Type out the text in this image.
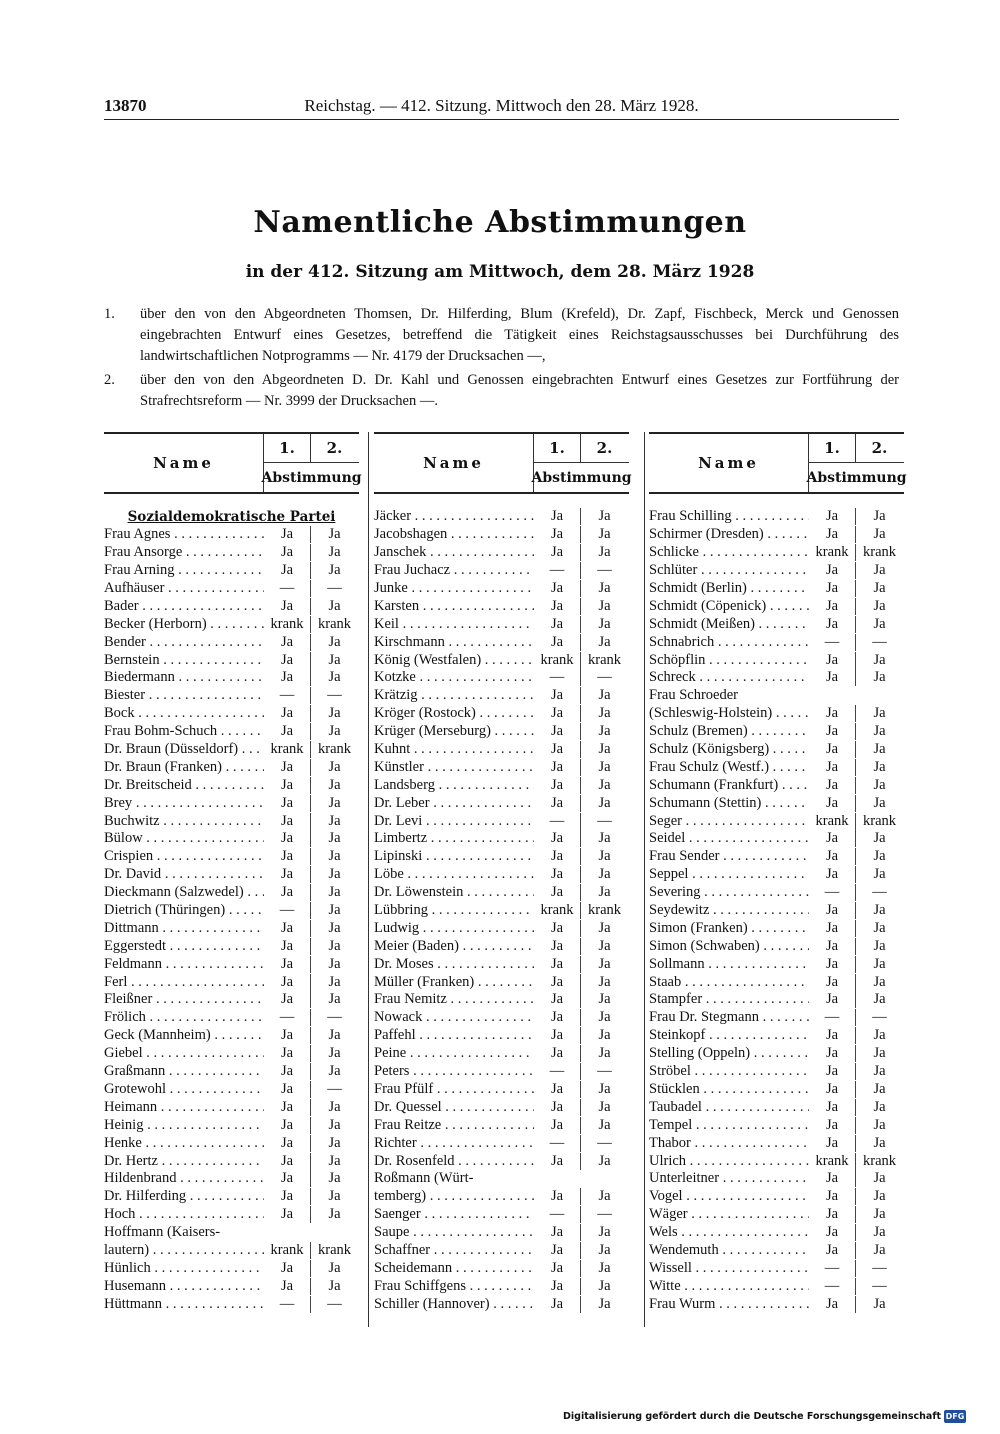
13870	Reichstag. — 412. Sitzung. Mittwoch den 28. März 1928.
Namentliche Abstimmungen
in der 412. Sitzung am Mittwoch, dem 28. März 1928
1.	über den von den Abgeordneten Thomsen, Dr. Hilferding, Blum (Krefeld), Dr. Zapf, Fischbeck, Merck und Genossen eingebrachten Entwurf eines Gesetzes, betreffend die Tätigkeit eines Reichstagsausschusses bei Durchführung des landwirtschaftlichen Notprogramms — Nr. 4179 der Drucksachen —,
2.	über den von den Abgeordneten D. Dr. Kahl und Genossen eingebrachten Entwurf eines Gesetzes zur Fortführung der Strafrechtsreform — Nr. 3999 der Drucksachen —.
Name
1.	2.
Abstimmung
Sozialdemokratische Partei
Frau Agnes . . .	Ja	Ja
Frau Ansorge . . .	Ja	Ja
Frau Arning . . .	Ja	Ja
Aufhäuser . . .	—	—
Bader . . .	Ja	Ja
Becker (Herborn) . . .	krank krank
Bender . . .	Ja	Ja
Bernstein . . .	Ja	Ja
Biedermann . . .	Ja	Ja
Biester . . .	—	—
Bock . . .	Ja	Ja
Frau Bohm-Schuch . . .	Ja	Ja
Dr. Braun (Düsseldorf) . . .	krank krank
Dr. Braun (Franken) . . .	Ja	Ja
Dr. Breitscheid . . .	Ja	Ja
Brey . . .	Ja	Ja
Buchwitz . . .	Ja	Ja
Bülow . . .	Ja	Ja
Crispien . . .	Ja	Ja
Dr. David . . .	Ja	Ja
Dieckmann (Salzwedel) . . .	Ja	Ja
Dietrich (Thüringen) . . .	—	Ja
Dittmann . . .	Ja	Ja
Eggerstedt . . .	Ja	Ja
Feldmann . . .	Ja	Ja
Ferl . . .	Ja	Ja
Fleißner . . .	Ja	Ja
Frölich . . .	—	—
Geck (Mannheim) . . .	Ja	Ja
Giebel . . .	Ja	Ja
Graßmann . . .	Ja	Ja
Grotewohl . . .	Ja	—
Heimann . . .	Ja	Ja
Heinig . . .	Ja	Ja
Henke . . .	Ja	Ja
Dr. Hertz . . .	Ja	Ja
Hildenbrand . . .	Ja	Ja
Dr. Hilferding . . .	Ja	Ja
Hoch . . .	Ja	Ja
Hoffmann (Kaisers-
lautern) . . .	krank krank
Hünlich . . .	Ja	Ja
Husemann . . .	Ja	Ja
Hüttmann . . .	—	—
Name
1.	2.
Abstimmung
Jäcker . . .	Ja	Ja
Jacobshagen . . .	Ja	Ja
Janschek . . .	Ja	Ja
Frau Juchacz . . .	—	—
Junke . . .	Ja	Ja
Karsten . . .	Ja	Ja
Keil . . .	Ja	Ja
Kirschmann . . .	Ja	Ja
König (Westfalen) . . .	krank krank
Kotzke . . .	—	—
Krätzig . . .	Ja	Ja
Kröger (Rostock) . . .	Ja	Ja
Krüger (Merseburg) . . .	Ja	Ja
Kuhnt . . .	Ja	Ja
Künstler . . .	Ja	Ja
Landsberg . . .	Ja	Ja
Dr. Leber . . .	Ja	Ja
Dr. Levi . . .	—	—
Limbertz . . .	Ja	Ja
Lipinski . . .	Ja	Ja
Löbe . . .	Ja	Ja
Dr. Löwenstein . . .	Ja	Ja
Lübbring . . .	krank krank
Ludwig . . .	Ja	Ja
Meier (Baden) . . .	Ja	Ja
Dr. Moses . . .	Ja	Ja
Müller (Franken) . . .	Ja	Ja
Frau Nemitz . . .	Ja	Ja
Nowack . . .	Ja	Ja
Paffehl . . .	Ja	Ja
Peine . . .	Ja	Ja
Peters . . .	—	—
Frau Pfülf . . .	Ja	Ja
Dr. Quessel . . .	Ja	Ja
Frau Reitze . . .	Ja	Ja
Richter . . .	—	—
Dr. Rosenfeld . . .	Ja	Ja
Roßmann (Würt-
temberg) . . .	Ja	Ja
Saenger . . .	—	—
Saupe . . .	Ja	Ja
Schaffner . . .	Ja	Ja
Scheidemann . . .	Ja	Ja
Frau Schiffgens . . .	Ja	Ja
Schiller (Hannover) . . .	Ja	Ja
Name
1.	2.
Abstimmung
Frau Schilling . . .	Ja	Ja
Schirmer (Dresden) . . .	Ja	Ja
Schlicke . . .	krank krank
Schlüter . . .	Ja	Ja
Schmidt (Berlin) . . .	Ja	Ja
Schmidt (Cöpenick) . . .	Ja	Ja
Schmidt (Meißen) . . .	Ja	Ja
Schnabrich . . .	—	—
Schöpflin . . .	Ja	Ja
Schreck . . .	Ja	Ja
Frau Schroeder
(Schleswig-Holstein) . . .	Ja	Ja
Schulz (Bremen) . . .	Ja	Ja
Schulz (Königsberg) . . .	Ja	Ja
Frau Schulz (Westf.) . . .	Ja	Ja
Schumann (Frankfurt) . . .	Ja	Ja
Schumann (Stettin) . . .	Ja	Ja
Seger . . .	krank krank
Seidel . . .	Ja	Ja
Frau Sender . . .	Ja	Ja
Seppel . . .	Ja	Ja
Severing . . .	—	—
Seydewitz . . .	Ja	Ja
Simon (Franken) . . .	Ja	Ja
Simon (Schwaben) . . .	Ja	Ja
Sollmann . . .	Ja	Ja
Staab . . .	Ja	Ja
Stampfer . . .	Ja	Ja
Frau Dr. Stegmann . . .	—	—
Steinkopf . . .	Ja	Ja
Stelling (Oppeln) . . .	Ja	Ja
Ströbel . . .	Ja	Ja
Stücklen . . .	Ja	Ja
Taubadel . . .	Ja	Ja
Tempel . . .	Ja	Ja
Thabor . . .	Ja	Ja
Ulrich . . .	krank krank
Unterleitner . . .	Ja	Ja
Vogel . . .	Ja	Ja
Wäger . . .	Ja	Ja
Wels . . .	Ja	Ja
Wendemuth . . .	Ja	Ja
Wissell . . .	—	—
Witte . . .	—	—
Frau Wurm . . .	Ja	Ja
Digitalisierung gefördert durch die Deutsche Forschungsgemeinschaft DFG
